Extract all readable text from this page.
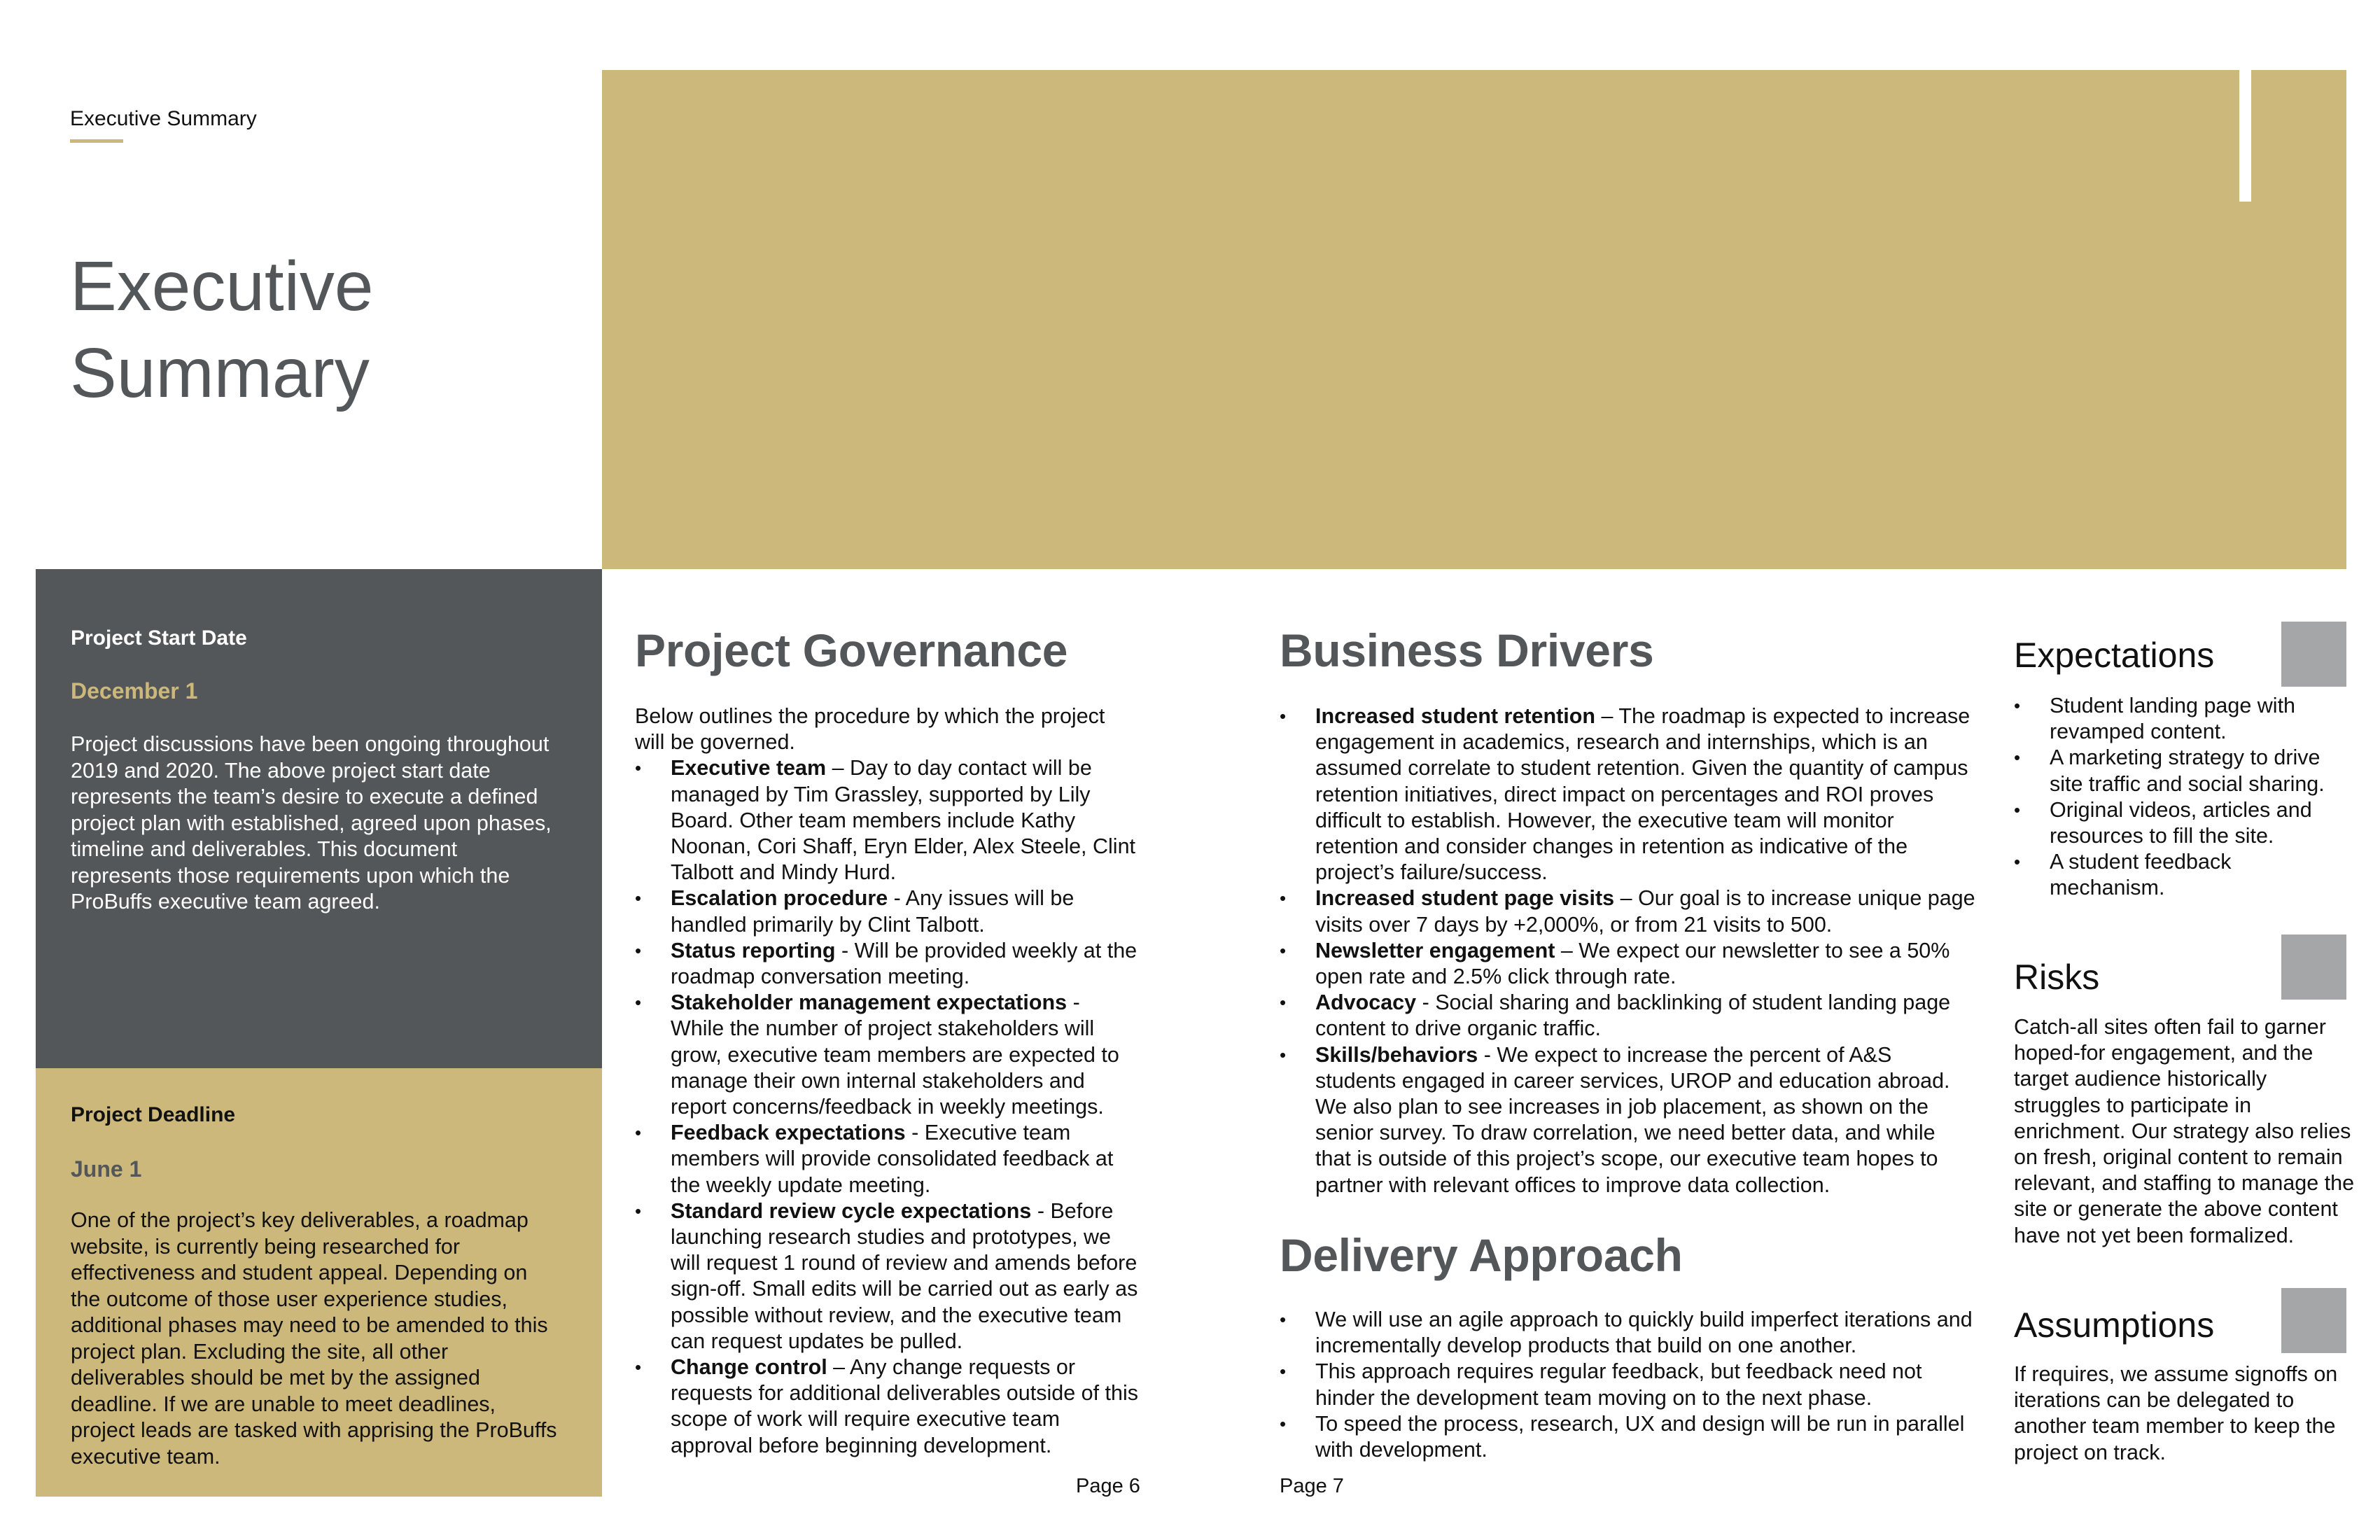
Executive Summary
Executive
Summary
Project Start Date
December 1
Project discussions have been ongoing throughout 2019 and 2020. The above project start date represents the team’s desire to execute a defined project plan with established, agreed upon phases, timeline and deliverables. This document represents those requirements upon which the ProBuffs executive team agreed.
Project Deadline
June 1
One of the project’s key deliverables, a roadmap website, is currently being researched for effectiveness and student appeal. Depending on the outcome of those user experience studies, additional phases may need to be amended to this project plan. Excluding the site, all other deliverables should be met by the assigned deadline. If we are unable to meet deadlines, project leads are tasked with apprising the ProBuffs executive team.
Project Governance
Below outlines the procedure by which the project will be governed.
• Executive team – Day to day contact will be managed by Tim Grassley, supported by Lily Board. Other team members include Kathy Noonan, Cori Shaff, Eryn Elder, Alex Steele, Clint Talbott and Mindy Hurd.
• Escalation procedure - Any issues will be handled primarily by Clint Talbott.
• Status reporting - Will be provided weekly at the roadmap conversation meeting.
• Stakeholder management expectations - While the number of project stakeholders will grow, executive team members are expected to manage their own internal stakeholders and report concerns/feedback in weekly meetings.
• Feedback expectations - Executive team members will provide consolidated feedback at the weekly update meeting.
• Standard review cycle expectations - Before launching research studies and prototypes, we will request 1 round of review and amends before sign-off. Small edits will be carried out as early as possible without review, and the executive team can request updates be pulled.
• Change control – Any change requests or requests for additional deliverables outside of this scope of work will require executive team approval before beginning development.
Business Drivers
• Increased student retention – The roadmap is expected to increase engagement in academics, research and internships, which is an assumed correlate to student retention. Given the quantity of campus retention initiatives, direct impact on percentages and ROI proves difficult to establish. However, the executive team will monitor retention and consider changes in retention as indicative of the project’s failure/success.
• Increased student page visits – Our goal is to increase unique page visits over 7 days by +2,000%, or from 21 visits to 500.
• Newsletter engagement – We expect our newsletter to see a 50% open rate and 2.5% click through rate.
• Advocacy - Social sharing and backlinking of student landing page content to drive organic traffic.
• Skills/behaviors - We expect to increase the percent of A&S students engaged in career services, UROP and education abroad. We also plan to see increases in job placement, as shown on the senior survey. To draw correlation, we need better data, and while that is outside of this project’s scope, our executive team hopes to partner with relevant offices to improve data collection.
Delivery Approach
• We will use an agile approach to quickly build imperfect iterations and incrementally develop products that build on one another.
• This approach requires regular feedback, but feedback need not hinder the development team moving on to the next phase.
• To speed the process, research, UX and design will be run in parallel with development.
Expectations
• Student landing page with revamped content.
• A marketing strategy to drive site traffic and social sharing.
• Original videos, articles and resources to fill the site.
• A student feedback mechanism.
Risks
Catch-all sites often fail to garner hoped-for engagement, and the target audience historically struggles to participate in enrichment. Our strategy also relies on fresh, original content to remain relevant, and staffing to manage the site or generate the above content have not yet been formalized.
Assumptions
If requires, we assume signoffs on iterations can be delegated to another team member to keep the project on track.
Page 6	Page 7
